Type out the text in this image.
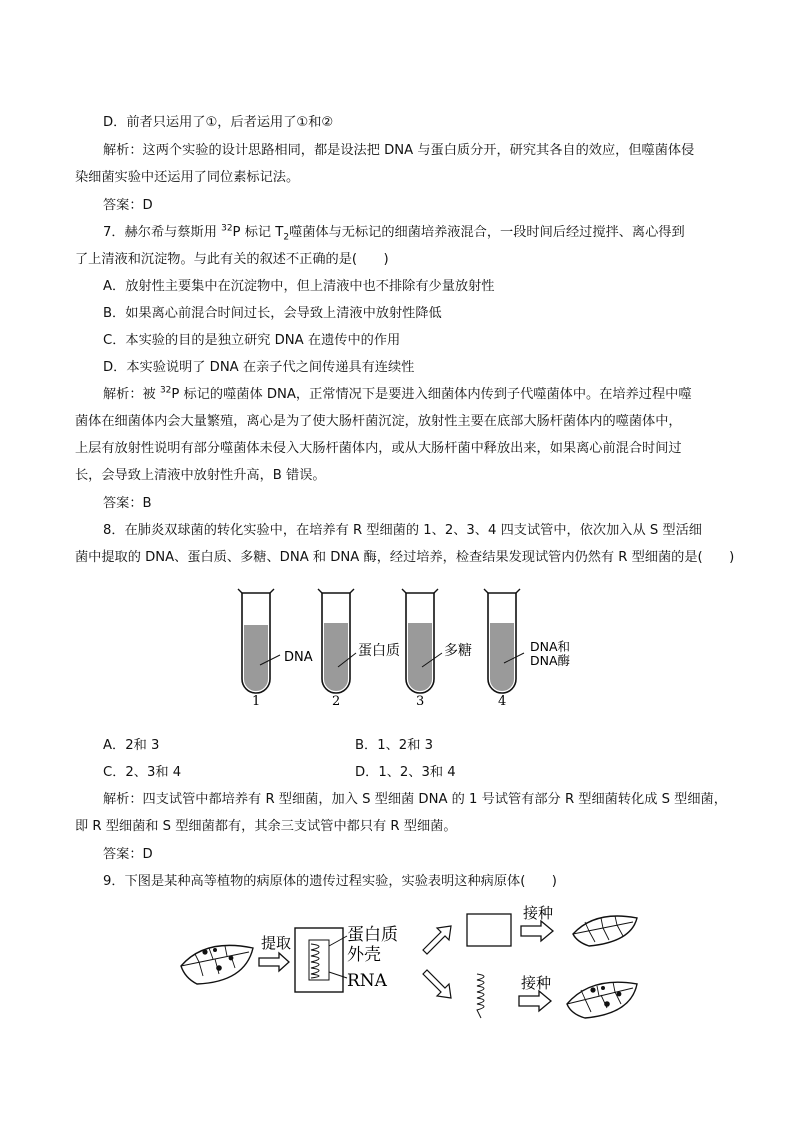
D．前者只运用了①，后者运用了①和②
解析：这两个实验的设计思路相同，都是设法把 DNA 与蛋白质分开，研究其各自的效应，但噬菌体侵
染细菌实验中还运用了同位素标记法。
答案：D
7．赫尔希与蔡斯用 $^{32}$P 标记 $T_2$噬菌体与无标记的细菌培养液混合，一段时间后经过搅拌、离心得到
了上清液和沉淀物。与此有关的叙述不正确的是(　　)
A．放射性主要集中在沉淀物中，但上清液中也不排除有少量放射性
B．如果离心前混合时间过长，会导致上清液中放射性降低
C．本实验的目的是独立研究 DNA 在遗传中的作用
D．本实验说明了 DNA 在亲子代之间传递具有连续性
解析：被 $^{32}$P 标记的噬菌体 DNA，正常情况下是要进入细菌体内传到子代噬菌体中。在培养过程中噬
菌体在细菌体内会大量繁殖，离心是为了使大肠杆菌沉淀，放射性主要在底部大肠杆菌体内的噬菌体中，
上层有放射性说明有部分噬菌体未侵入大肠杆菌体内，或从大肠杆菌中释放出来，如果离心前混合时间过
长，会导致上清液中放射性升高，B 错误。
答案：B
8．在肺炎双球菌的转化实验中，在培养有 R 型细菌的 1、2、3、4 四支试管中，依次加入从 S 型活细
菌中提取的 DNA、蛋白质、多糖、DNA 和 DNA 酶，经过培养，检查结果发现试管内仍然有 R 型细菌的是(　　)
DNA	蛋白质	多糖	DNA和
DNA酶
1	2	3	4
A．2和 3	B．1、2和 3
C．2、3和 4	D．1、2、3和 4
解析：四支试管中都培养有 R 型细菌，加入 S 型细菌 DNA 的 1 号试管有部分 R 型细菌转化成 S 型细菌，
即 R 型细菌和 S 型细菌都有，其余三支试管中都只有 R 型细菌。
答案：D
9．下图是某种高等植物的病原体的遗传过程实验，实验表明这种病原体(　　)
提取	蛋白质
外壳
RNA
接种
接种
